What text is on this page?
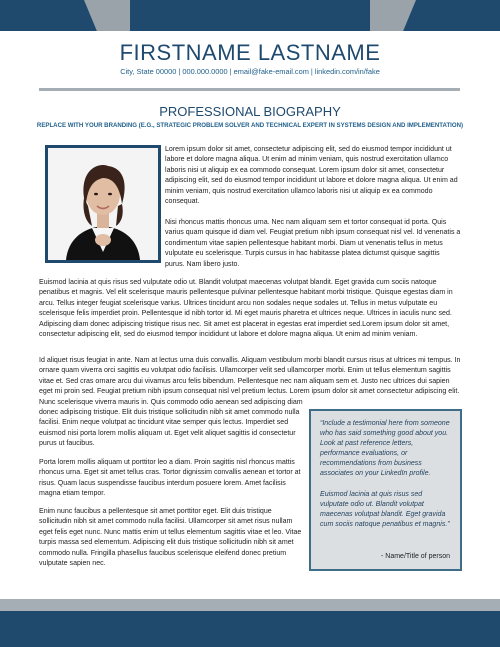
FIRSTNAME LASTNAME
City, State 00000 | 000.000.0000 | email@fake-email.com | linkedin.com/in/fake
PROFESSIONAL BIOGRAPHY
REPLACE WITH YOUR BRANDING (E.G., STRATEGIC PROBLEM SOLVER AND TECHNICAL EXPERT IN SYSTEMS DESIGN AND IMPLEMENTATION)

Lorem ipsum dolor sit amet, consectetur adipiscing elit, sed do eiusmod tempor incididunt ut labore et dolore magna aliqua. Ut enim ad minim veniam, quis nostrud exercitation ullamco laboris nisi ut aliquip ex ea commodo consequat. Lorem ipsum dolor sit amet, consectetur adipiscing elit, sed do eiusmod tempor incididunt ut labore et dolore magna aliqua. Ut enim ad minim veniam, quis nostrud exercitation ullamco laboris nisi ut aliquip ex ea commodo consequat.

Nisi rhoncus mattis rhoncus urna. Nec nam aliquam sem et tortor consequat id porta. Quis varius quam quisque id diam vel. Feugiat pretium nibh ipsum consequat nisl vel. Id venenatis a condimentum vitae sapien pellentesque habitant morbi. Diam ut venenatis tellus in metus vulputate eu scelerisque. Turpis cursus in hac habitasse platea dictumst quisque sagittis purus. Nam libero justo.

Euismod lacinia at quis risus sed vulputate odio ut. Blandit volutpat maecenas volutpat blandit. Eget gravida cum sociis natoque penatibus et magnis. Vel elit scelerisque mauris pellentesque pulvinar pellentesque habitant morbi tristique. Quisque egestas diam in arcu. Tellus integer feugiat scelerisque varius. Ultrices tincidunt arcu non sodales neque sodales ut. Tellus in metus vulputate eu scelerisque felis imperdiet proin. Pellentesque id nibh tortor id. Mi eget mauris pharetra et ultrices neque. Ultrices in iaculis nunc sed. Adipiscing diam donec adipiscing tristique risus nec. Sit amet est placerat in egestas erat imperdiet sed.Lorem ipsum dolor sit amet, consectetur adipiscing elit, sed do eiusmod tempor incididunt ut labore et dolore magna aliqua. Ut enim ad minim veniam.

Id aliquet risus feugiat in ante. Nam at lectus urna duis convallis. Aliquam vestibulum morbi blandit cursus risus at ultrices mi tempus. In ornare quam viverra orci sagittis eu volutpat odio facilisis. Ullamcorper velit sed ullamcorper morbi. Enim ut tellus elementum sagittis vitae et. Sed cras ornare arcu dui vivamus arcu felis bibendum. Pellentesque nec nam aliquam sem et. Justo nec ultrices dui sapien eget mi proin sed. Feugiat pretium nibh ipsum consequat nisl vel pretium lectus. Lorem ipsum dolor sit amet consectetur adipiscing elit. Nunc scelerisque viverra mauris in. Quis commodo odio aenean sed adipiscing diam

donec adipiscing tristique. Elit duis tristique sollicitudin nibh sit amet commodo nulla facilisi. Enim neque volutpat ac tincidunt vitae semper quis lectus. Imperdiet sed euismod nisi porta lorem mollis aliquam ut. Eget velit aliquet sagittis id consectetur purus ut faucibus.

Porta lorem mollis aliquam ut porttitor leo a diam. Proin sagittis nisl rhoncus mattis rhoncus urna. Eget sit amet tellus cras. Tortor dignissim convallis aenean et tortor at risus. Quam lacus suspendisse faucibus interdum posuere lorem. Amet facilisis magna etiam tempor.

Enim nunc faucibus a pellentesque sit amet porttitor eget. Elit duis tristique sollicitudin nibh sit amet commodo nulla facilisi. Ullamcorper sit amet risus nullam eget felis eget nunc. Nunc mattis enim ut tellus elementum sagittis vitae et leo. Vitae turpis massa sed elementum. Adipiscing elit duis tristique sollicitudin nibh sit amet commodo nulla. Fringilla phasellus faucibus scelerisque eleifend donec pretium vulputate sapien nec.

“Include a testimonial here from someone who has said something good about you. Look at past reference letters, performance evaluations, or recommendations from business associates on your LinkedIn profile.

Euismod lacinia at quis risus sed vulputate odio ut. Blandit volutpat maecenas volutpat blandit. Eget gravida cum sociis natoque penatibus et magnis.”

- Name/Title of person
